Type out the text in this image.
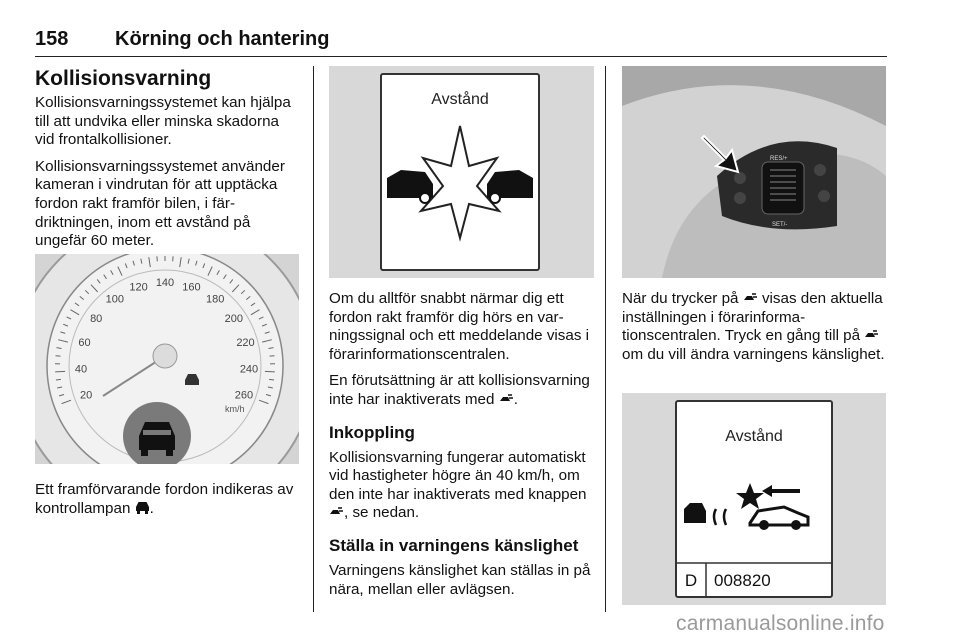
158 Körning och hantering
Kollisionsvarning

Kollisionsvarningssystemet kan hjälpa till att undvika eller minska skadorna vid frontalkollisioner.

Kollisionsvarningssystemet använder kameran i vindrutan för att upptäcka fordon rakt framför bilen, i färdriktningen, inom ett avstånd på ungefär 60 meter.

20
40
60
80
100
120 140 160
180
200
220
240
260
km/h

Ett framförvarande fordon indikeras av kontrollampan .

Avstånd

Om du alltför snabbt närmar dig ett fordon rakt framför dig hörs en varningssignal och ett meddelande visas i förarinformationscentralen.

En förutsättning är att kollisionsvarning inte har inaktiverats med .

Inkoppling

Kollisionsvarning fungerar automatiskt vid hastigheter högre än 40 km/h, om den inte har inaktiverats med knappen , se nedan.

Ställa in varningens känslighet

Varningens känslighet kan ställas in på nära, mellan eller avlägsen.

RES/+
SET/-

När du trycker på visas den aktuella inställningen i förarinformationscentralen. Tryck en gång till på  om du vill ändra varningens känslighet.

Avstånd
D 008820
carmanualsonline.info
